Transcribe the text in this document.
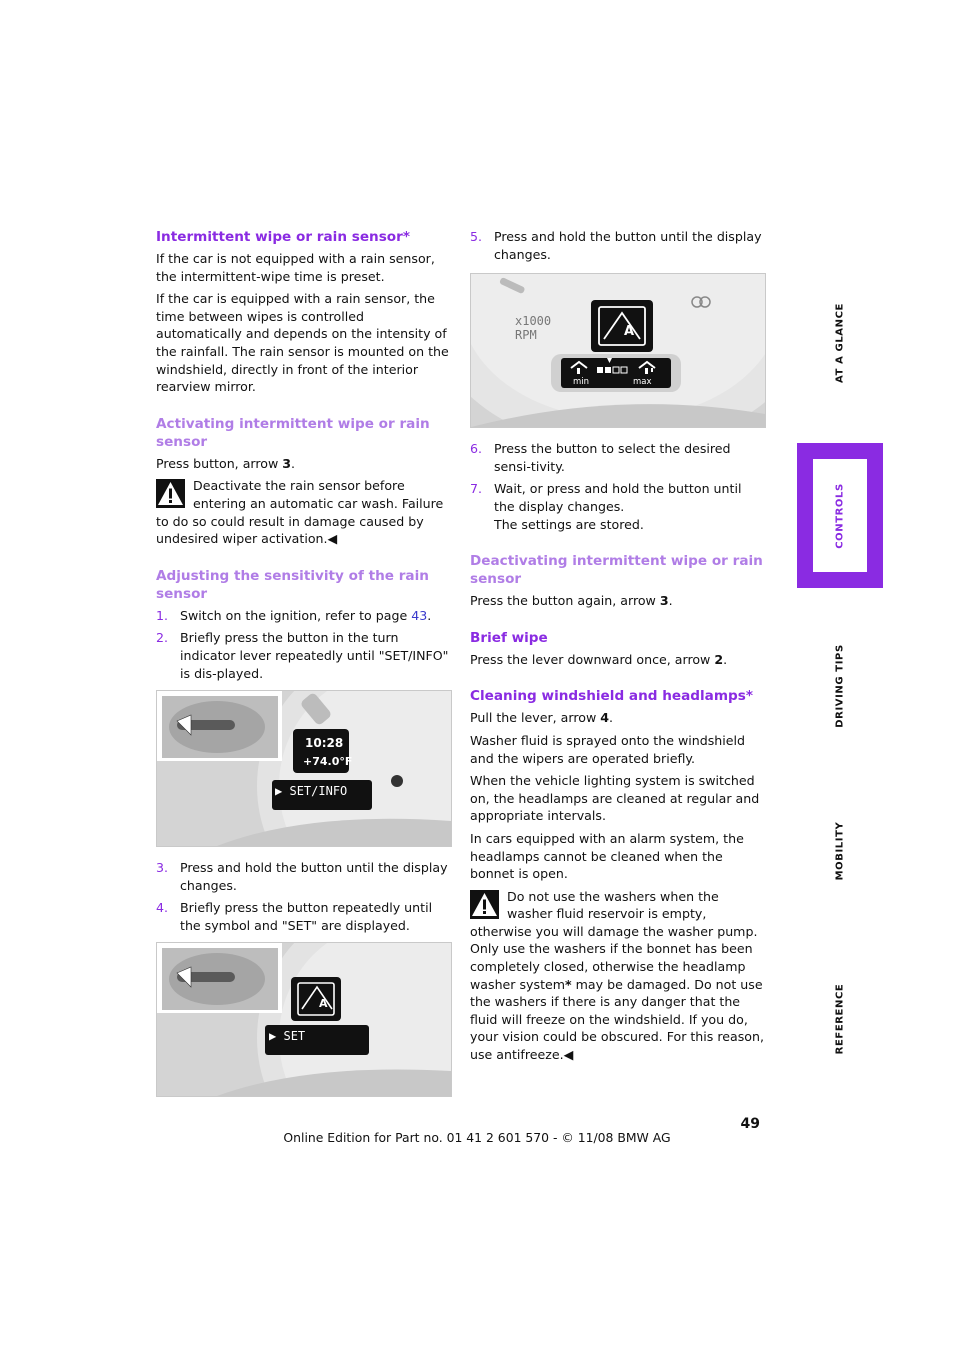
Intermittent wipe or rain sensor*

If the car is not equipped with a rain sensor, the intermittent-wipe time is preset.

If the car is equipped with a rain sensor, the time between wipes is controlled automatically and depends on the intensity of the rainfall. The rain sensor is mounted on the windshield, directly in front of the interior rearview mirror.

Activating intermittent wipe or rain sensor

Press button, arrow 3.

Deactivate the rain sensor before entering an automatic car wash. Failure to do so could result in damage caused by undesired wiper activation.◀
Adjusting the sensitivity of the rain sensor
1. Switch on the ignition, refer to page 43.
2. Briefly press the button in the turn indicator lever repeatedly until "SET/INFO" is dis-played.
10:28
+74.0°F
▶ SET/INFO
3. Press and hold the button until the display changes.
4. Briefly press the button repeatedly until the symbol and "SET" are displayed.
A
▶ SET
5. Press and hold the button until the display changes.
A
x1000
RPM
min	max
6. Press the button to select the desired sensi-tivity.
7. Wait, or press and hold the button until the display changes.
The settings are stored.
Deactivating intermittent wipe or rain sensor

Press the button again, arrow 3.

Brief wipe

Press the lever downward once, arrow 2.

Cleaning windshield and headlamps*

Pull the lever, arrow 4.

Washer fluid is sprayed onto the windshield and the wipers are operated briefly.

When the vehicle lighting system is switched on, the headlamps are cleaned at regular and appropriate intervals.

In cars equipped with an alarm system, the headlamps cannot be cleaned when the bonnet is open.

Do not use the washers when the washer fluid reservoir is empty, otherwise you will damage the washer pump.
Only use the washers if the bonnet has been completely closed, otherwise the headlamp washer system* may be damaged. Do not use the washers if there is any danger that the fluid will freeze on the windshield. If you do, your vision could be obscured. For this reason, use antifreeze.◀
AT A GLANCE
CONTROLS
DRIVING TIPS
MOBILITY
REFERENCE
49
Online Edition for Part no. 01 41 2 601 570 - © 11/08 BMW AG
